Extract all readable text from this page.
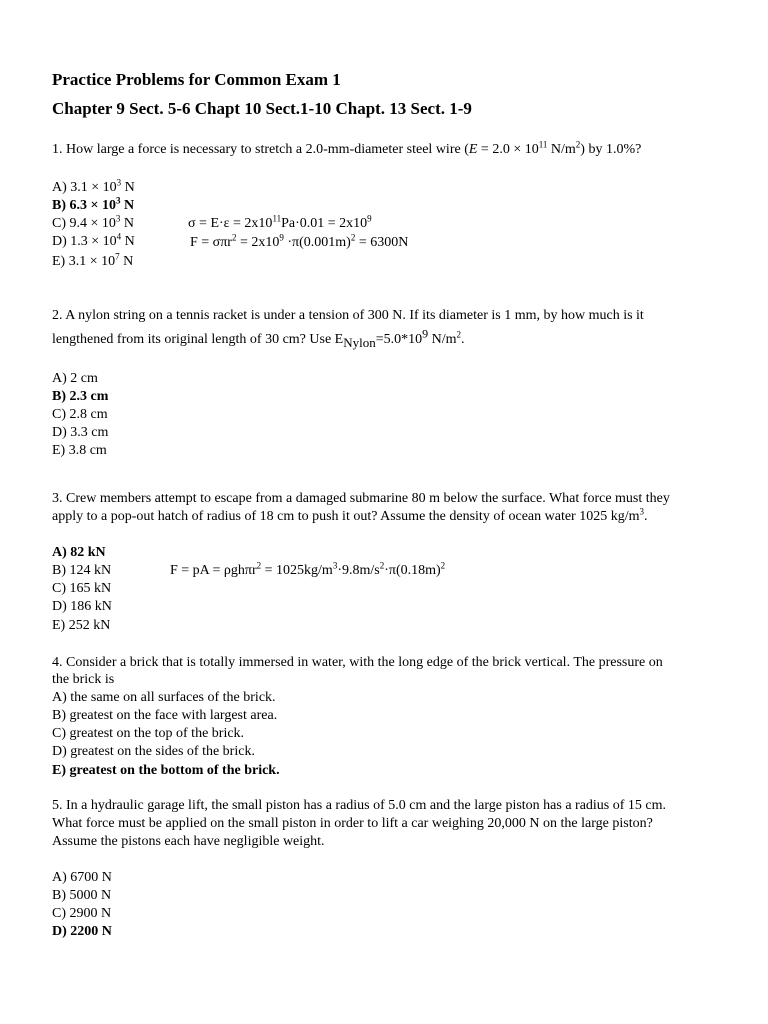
Practice Problems for Common Exam 1
Chapter 9 Sect. 5-6 Chapt 10 Sect.1-10 Chapt. 13 Sect. 1-9
1. How large a force is necessary to stretch a 2.0-mm-diameter steel wire ($E = 2.0 \times 10^{11}$ $N/m^2$) by 1.0%?
A) $3.1 \times 10^3$ N
B) $6.3 \times 10^3$ N
C) $9.4 \times 10^3$ N
D) $1.3 \times 10^4$ N
E) $3.1 \times 10^7$ N
$\sigma = E\cdot\varepsilon = 2x10^{11}Pa\cdot 0.01 = 2x10^9$
$F = \sigma\pi r^2 = 2x10^9 \cdot\pi(0.001m)^2 = 6300N$
2. A nylon string on a tennis racket is under a tension of 300 N. If its diameter is 1 mm, by how much is it
lengthened from its original length of 30 cm? Use $E_{Nylon}=5.0*10^9$ $N/m^2$.
A) 2 cm
B) 2.3 cm
C) 2.8 cm
D) 3.3 cm
E) 3.8 cm
3. Crew members attempt to escape from a damaged submarine 80 m below the surface. What force must they
apply to a pop-out hatch of radius of 18 cm to push it out? Assume the density of ocean water 1025 $kg/m^3$.
A) 82 kN
B) 124 kN
C) 165 kN
D) 186 kN
E) 252 kN
F = pA = $\rho gh\pi r^2 = 1025kg/m^3\cdot 9.8m/s^2\cdot\pi(0.18m)^2$
4. Consider a brick that is totally immersed in water, with the long edge of the brick vertical. The pressure on
the brick is
A) the same on all surfaces of the brick.
B) greatest on the face with largest area.
C) greatest on the top of the brick.
D) greatest on the sides of the brick.
E) greatest on the bottom of the brick.
5. In a hydraulic garage lift, the small piston has a radius of 5.0 cm and the large piston has a radius of 15 cm.
What force must be applied on the small piston in order to lift a car weighing 20,000 N on the large piston?
Assume the pistons each have negligible weight.
A) 6700 N
B) 5000 N
C) 2900 N
D) 2200 N
